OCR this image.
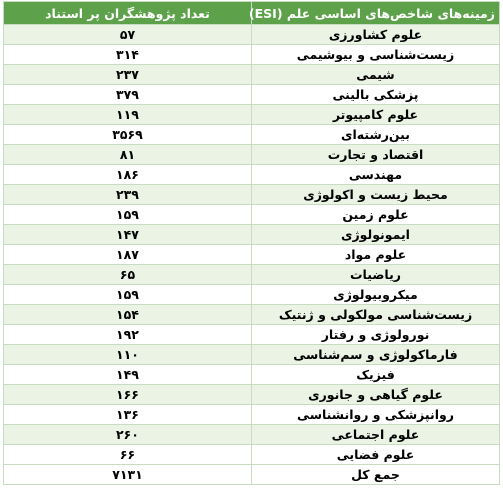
زمینه‌های شاخص‌های اساسی علم (ESI)	تعداد پژوهشگران پر استناد
علوم کشاورزی	۵۷
زیست‌شناسی و بیوشیمی	۳۱۴
شیمی	۲۳۷
پزشکی بالینی	۳۷۹
علوم کامپیوتر	۱۱۹
بین‌رشته‌ای	۳۵۶۹
اقتصاد و تجارت	۸۱
مهندسی	۱۸۶
محیط زیست و اکولوژی	۲۳۹
علوم زمین	۱۵۹
ایمونولوژی	۱۴۷
علوم مواد	۱۸۷
ریاضیات	۶۵
میکروبیولوژی	۱۵۹
زیست‌شناسی مولکولی و ژنتیک	۱۵۴
نورولوژی و رفتار	۱۹۲
فارماکولوژی و سم‌شناسی	۱۱۰
فیزیک	۱۴۹
علوم گیاهی و جانوری	۱۶۶
روانپزشکی و روانشناسی	۱۳۶
علوم اجتماعی	۲۶۰
علوم فضایی	۶۶
جمع کل	۷۱۳۱
